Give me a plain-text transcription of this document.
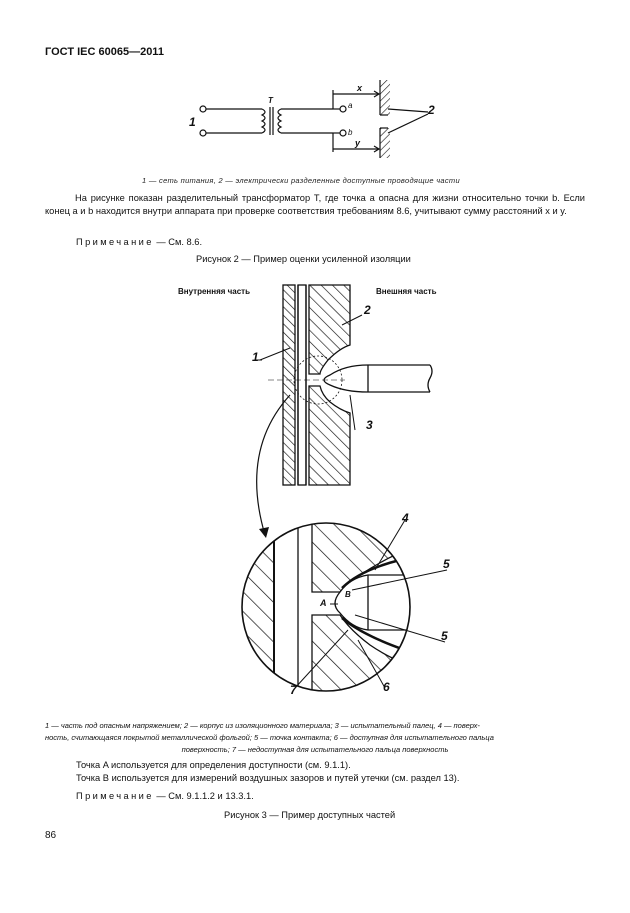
ГОСТ IEC 60065—2011
1
T
a
b
x
y
2
1 — сеть питания, 2 — электрически разделенные доступные проводящие части
На рисунке показан разделительный трансформатор Т, где точка a опасна для жизни относительно точки b. Если конец a и b находится внутри аппарата при проверке соответствия требованиям 8.6, учитывают сумму расстояний x и y.
Примечание — См. 8.6.
Рисунок 2 — Пример оценки усиленной изоляции
Внутренняя часть	Внешняя часть
1
2
3
4
5
5
6
7
A
B
1 — часть под опасным напряжением; 2 — корпус из изоляционного материала; 3 — испытательный палец, 4 — поверх-
ность, считающаяся покрытой металлической фольгой; 5 — точка контакта; 6 — доступная для испытательного пальца
поверхность; 7 — недоступная для испытательного пальца поверхность
Точка A используется для определения доступности (см. 9.1.1).
Точка B используется для измерений воздушных зазоров и путей утечки (см. раздел 13).
Примечание — См. 9.1.1.2 и 13.3.1.
Рисунок 3 — Пример доступных частей
86
